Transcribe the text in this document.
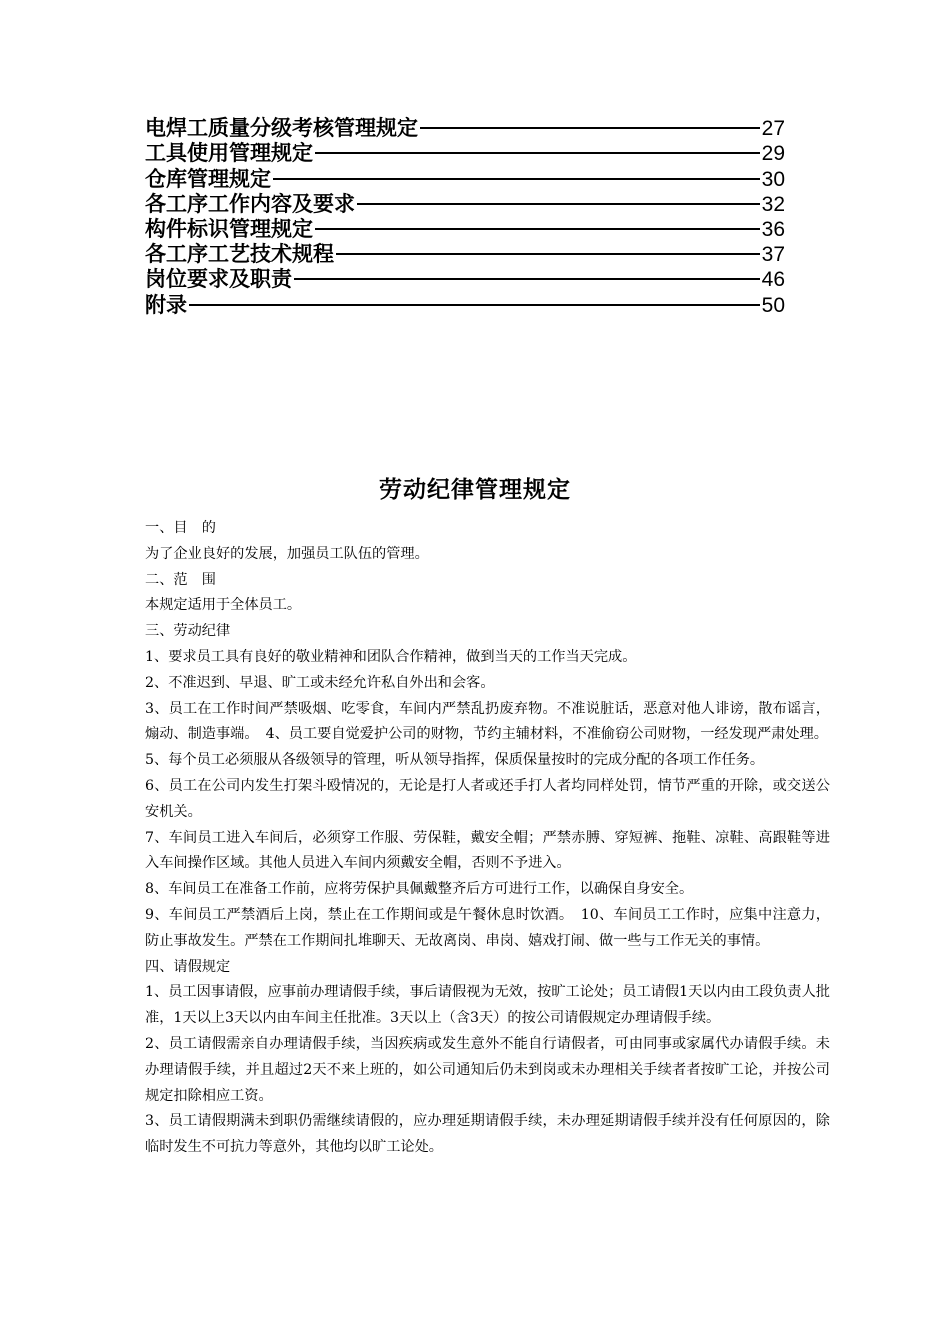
电焊工质量分级考核管理规定	27
工具使用管理规定	29
仓库管理规定	30
各工序工作内容及要求	32
构件标识管理规定	36
各工序工艺技术规程	37
岗位要求及职责	46
附录	50
劳动纪律管理规定

一、目　的

为了企业良好的发展，加强员工队伍的管理。

二、范　围

本规定适用于全体员工。

三、劳动纪律

1、要求员工具有良好的敬业精神和团队合作精神，做到当天的工作当天完成。

2、不准迟到、早退、旷工或未经允许私自外出和会客。

3、员工在工作时间严禁吸烟、吃零食，车间内严禁乱扔废弃物。不准说脏话，恶意对他人诽谤，散布谣言，煽动、制造事端。　4、员工要自觉爱护公司的财物，节约主辅材料，不准偷窃公司财物，一经发现严肃处理。

5、每个员工必须服从各级领导的管理，听从领导指挥，保质保量按时的完成分配的各项工作任务。

6、员工在公司内发生打架斗殴情况的，无论是打人者或还手打人者均同样处罚，情节严重的开除，或交送公安机关。

7、车间员工进入车间后，必须穿工作服、劳保鞋，戴安全帽；严禁赤膊、穿短裤、拖鞋、凉鞋、高跟鞋等进入车间操作区域。其他人员进入车间内须戴安全帽，否则不予进入。

8、车间员工在准备工作前，应将劳保护具佩戴整齐后方可进行工作，以确保自身安全。

9、车间员工严禁酒后上岗，禁止在工作期间或是午餐休息时饮酒。　10、车间员工工作时，应集中注意力，防止事故发生。严禁在工作期间扎堆聊天、无故离岗、串岗、嬉戏打闹、做一些与工作无关的事情。

四、请假规定

1、员工因事请假，应事前办理请假手续，事后请假视为无效，按旷工论处；员工请假1天以内由工段负责人批准，1天以上3天以内由车间主任批准。3天以上（含3天）的按公司请假规定办理请假手续。

2、员工请假需亲自办理请假手续，当因疾病或发生意外不能自行请假者，可由同事或家属代办请假手续。未办理请假手续，并且超过2天不来上班的，如公司通知后仍未到岗或未办理相关手续者者按旷工论，并按公司规定扣除相应工资。

3、员工请假期满未到职仍需继续请假的，应办理延期请假手续，未办理延期请假手续并没有任何原因的，除临时发生不可抗力等意外，其他均以旷工论处。
